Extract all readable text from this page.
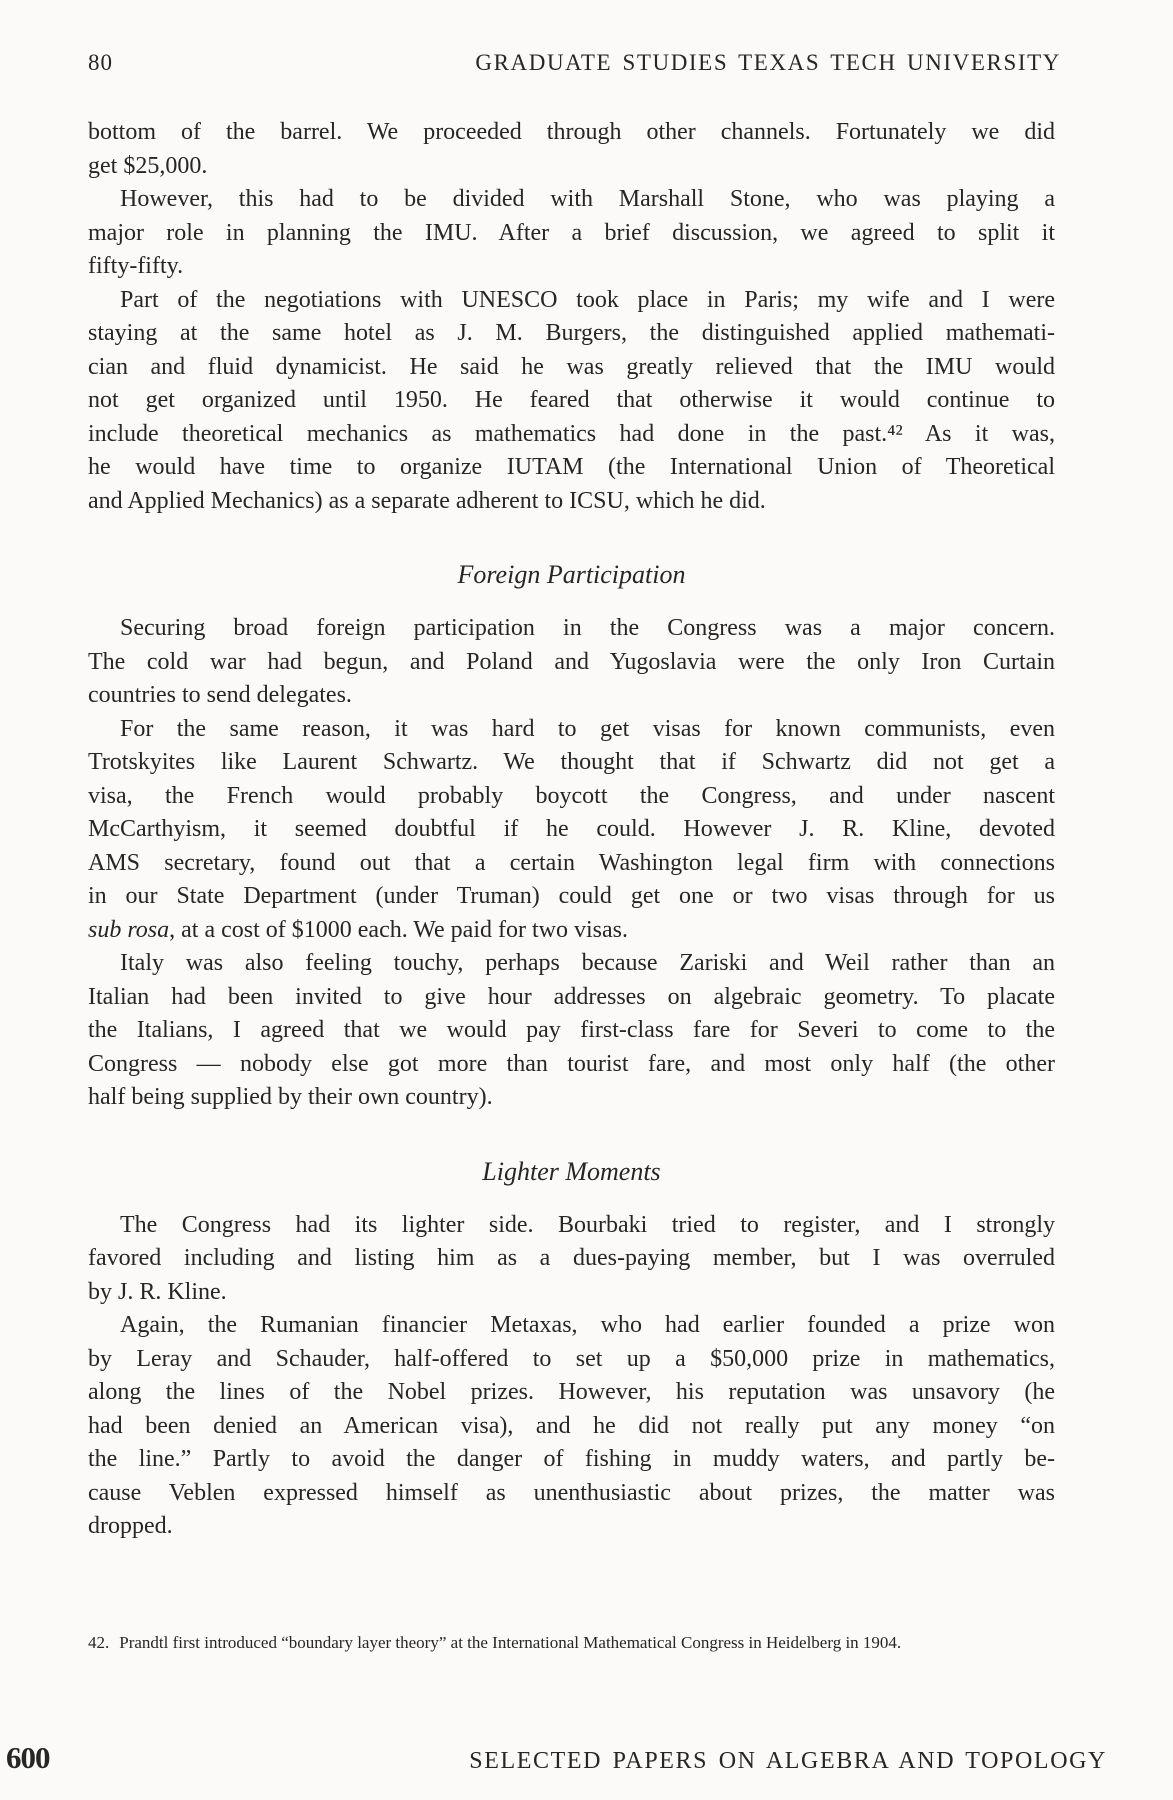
80	GRADUATE STUDIES TEXAS TECH UNIVERSITY
bottom of the barrel. We proceeded through other channels. Fortunately we did
get $25,000.
However, this had to be divided with Marshall Stone, who was playing a
major role in planning the IMU. After a brief discussion, we agreed to split it
fifty-fifty.
Part of the negotiations with UNESCO took place in Paris; my wife and I were
staying at the same hotel as J. M. Burgers, the distinguished applied mathemati-
cian and fluid dynamicist. He said he was greatly relieved that the IMU would
not get organized until 1950. He feared that otherwise it would continue to
include theoretical mechanics as mathematics had done in the past.⁴² As it was,
he would have time to organize IUTAM (the International Union of Theoretical
and Applied Mechanics) as a separate adherent to ICSU, which he did.
Foreign Participation
Securing broad foreign participation in the Congress was a major concern.
The cold war had begun, and Poland and Yugoslavia were the only Iron Curtain
countries to send delegates.
For the same reason, it was hard to get visas for known communists, even
Trotskyites like Laurent Schwartz. We thought that if Schwartz did not get a
visa, the French would probably boycott the Congress, and under nascent
McCarthyism, it seemed doubtful if he could. However J. R. Kline, devoted
AMS secretary, found out that a certain Washington legal firm with connections
in our State Department (under Truman) could get one or two visas through for us
sub rosa, at a cost of $1000 each. We paid for two visas.
Italy was also feeling touchy, perhaps because Zariski and Weil rather than an
Italian had been invited to give hour addresses on algebraic geometry. To placate
the Italians, I agreed that we would pay first-class fare for Severi to come to the
Congress — nobody else got more than tourist fare, and most only half (the other
half being supplied by their own country).
Lighter Moments
The Congress had its lighter side. Bourbaki tried to register, and I strongly
favored including and listing him as a dues-paying member, but I was overruled
by J. R. Kline.
Again, the Rumanian financier Metaxas, who had earlier founded a prize won
by Leray and Schauder, half-offered to set up a $50,000 prize in mathematics,
along the lines of the Nobel prizes. However, his reputation was unsavory (he
had been denied an American visa), and he did not really put any money “on
the line.” Partly to avoid the danger of fishing in muddy waters, and partly be-
cause Veblen expressed himself as unenthusiastic about prizes, the matter was
dropped.
42. Prandtl first introduced “boundary layer theory” at the International Mathematical Congress in Heidelberg in 1904.
600	SELECTED PAPERS ON ALGEBRA AND TOPOLOGY
